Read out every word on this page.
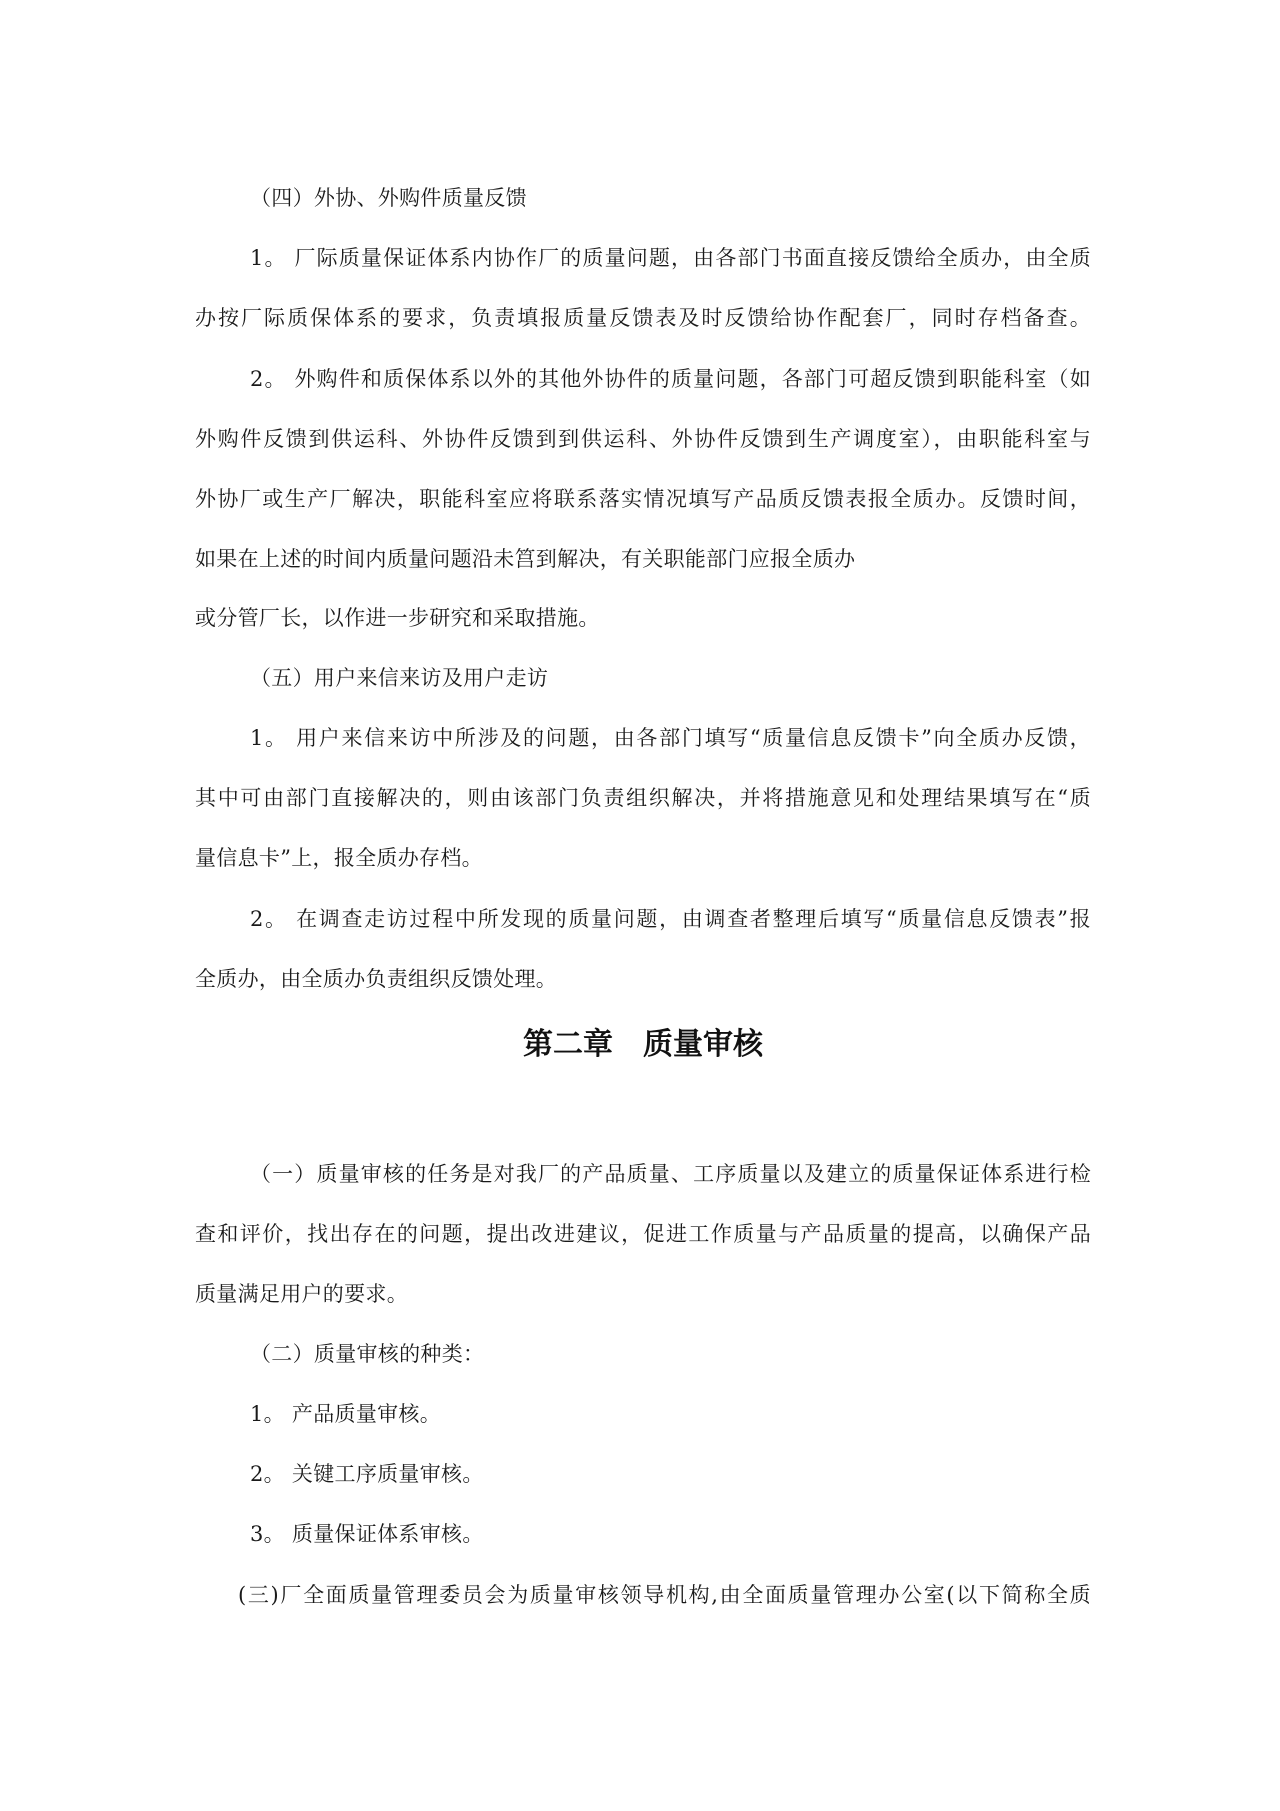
（四）外协、外购件质量反馈
1。 厂际质量保证体系内协作厂的质量问题，由各部门书面直接反馈给全质办，由全质
办按厂际质保体系的要求，负责填报质量反馈表及时反馈给协作配套厂，同时存档备查。
2。 外购件和质保体系以外的其他外协件的质量问题，各部门可超反馈到职能科室（如
外购件反馈到供运科、外协件反馈到到供运科、外协件反馈到生产调度室），由职能科室与
外协厂或生产厂解决，职能科室应将联系落实情况填写产品质反馈表报全质办。反馈时间，
如果在上述的时间内质量问题沿未筥到解决，有关职能部门应报全质办
或分管厂长，以作进一步研究和采取措施。
（五）用户来信来访及用户走访
1。 用户来信来访中所涉及的问题，由各部门填写“质量信息反馈卡”向全质办反馈，
其中可由部门直接解决的，则由该部门负责组织解决，并将措施意见和处理结果填写在“质
量信息卡”上，报全质办存档。
2。 在调查走访过程中所发现的质量问题，由调查者整理后填写“质量信息反馈表”报
全质办，由全质办负责组织反馈处理。
第二章　质量审核
（一）质量审核的任务是对我厂的产品质量、工序质量以及建立的质量保证体系进行检
查和评价，找出存在的问题，提出改进建议，促进工作质量与产品质量的提高，以确保产品
质量满足用户的要求。
（二）质量审核的种类：
1。 产品质量审核。
2。 关键工序质量审核。
3。 质量保证体系审核。
(三)厂全面质量管理委员会为质量审核领导机构,由全面质量管理办公室(以下简称全质
